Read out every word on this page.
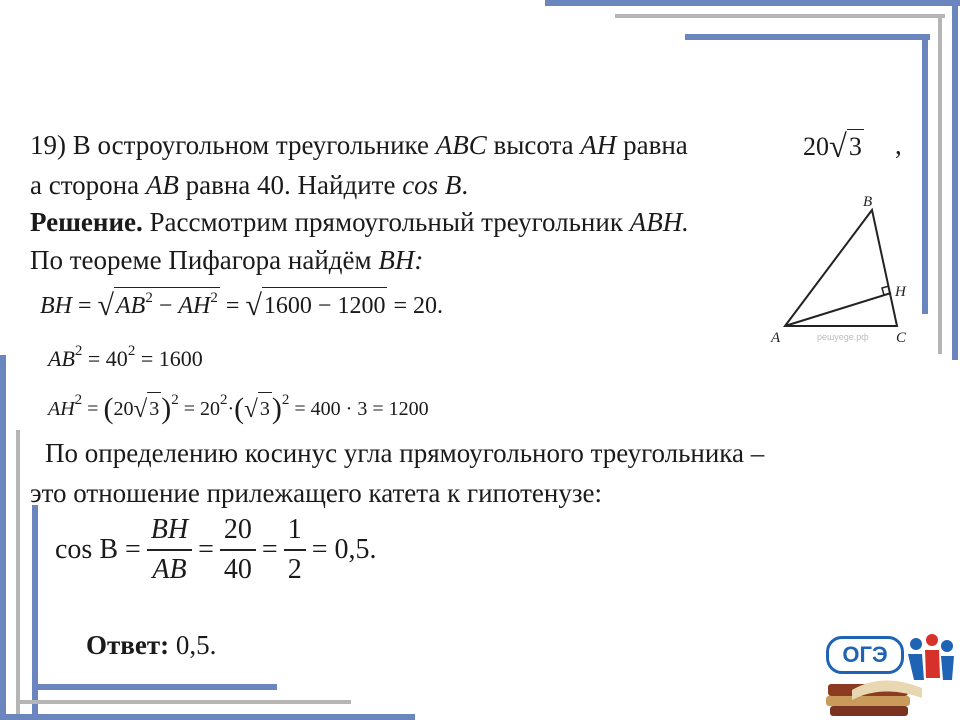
19) В остроугольном треугольнике ABC высота AH равна	20√3 ,
а сторона AB равна 40. Найдите cos B.
Решение. Рассмотрим прямоугольный треугольник ABH.
По теореме Пифагора найдём BH:
BH = $√AB^2 - AH^2 = √1600 - 1200 = 20$.
$AB^2 = 40^2 = 1600$
$AH^2 = (20√$ $3)^2 = 20^2\cdot(√$ 3)$^2$ = 400 · 3 = 1200
По определению косинус угла прямоугольного треугольника –
это отношение прилежащего катета к гипотенузе:
$\cos B = \frac{BH}{AB} = \frac{20}{40} = \frac{1}{2} = 0,5$.
Ответ: 0,5.
A
B
C
H
решуege.рф
ОГЭ
